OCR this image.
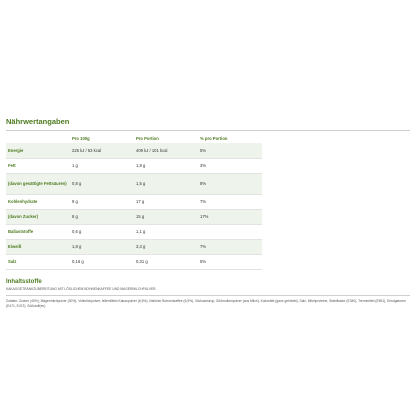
Nährwertangaben
	Pro 100g	Pro Portion	% pro Portion
Energie	225 kJ / 53 kcal	409 kJ / 101 kcal	5%
Fett	1 g	1,8 g	3%
(davon gesättigte Fettsäuren)	0,8 g	1,5 g	8%
Kohlenhydrate	9 g	17 g	7%
(davon Zucker)	8 g	15 g	17%
Ballaststoffe	0,6 g	1,1 g	
Eiweiß	1,8 g	3,3 g	7%
Salz	0,16 g	0,31 g	5%
Inhaltsstoffe
KAKAOGETRÄNKZUBEREITUNG MIT LÖSLICHEM BOHNENKAFFEE UND MAGERMILCHPULVER.
Zutaten: Zucker (40%), Magermilchpulver (30%), Vollmilchpulver, teilentöltes Kakaopulver (6,5%), löslicher Bohnenkaffee (6,5%), Glukosesirup, Süßmolkenpulver (aus Milch), Kokosfett (ganz gehärtet), Salz, Milchproteine, Stabilisator (E340), Trennmittel (E551), Emulgatoren (E471, E472), Süßstoff(en).
